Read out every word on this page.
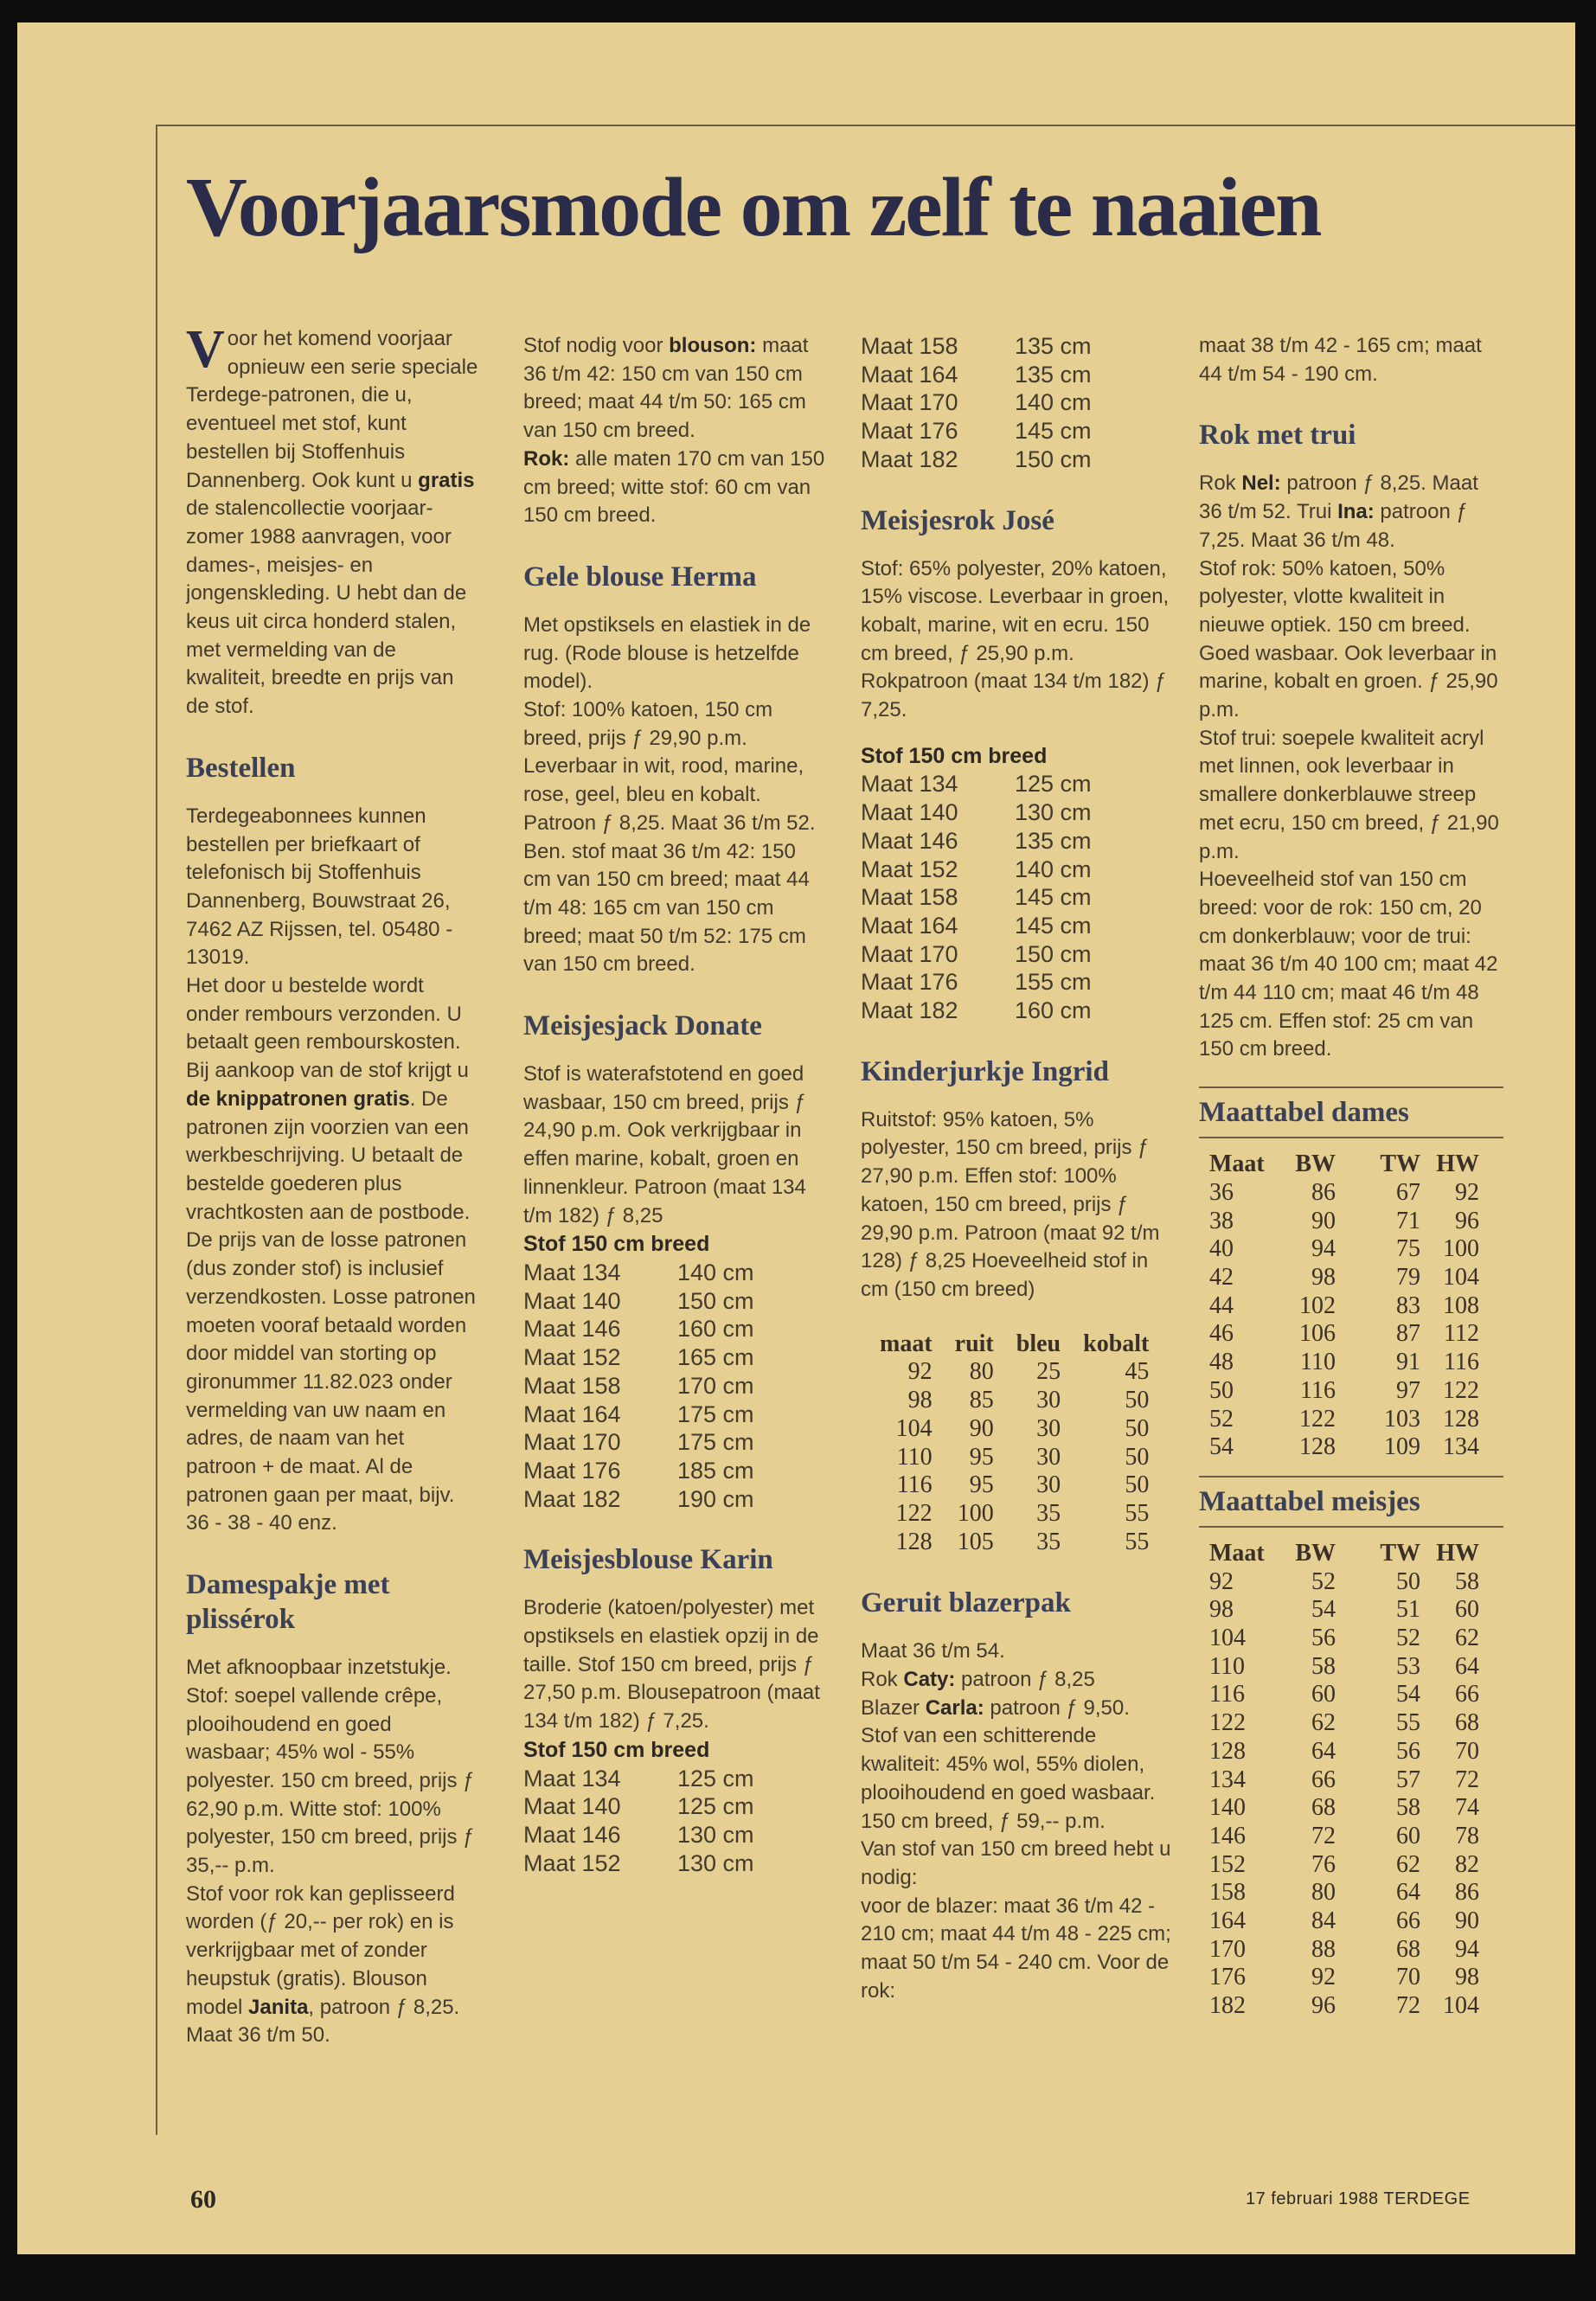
Voorjaarsmode om zelf te naaien

Voor het komend voorjaar opnieuw een serie speciale Terdege-patronen, die u, eventueel met stof, kunt bestellen bij Stoffenhuis Dannenberg. Ook kunt u gratis de stalencollectie voorjaar-zomer 1988 aanvragen, voor dames-, meisjes- en jongenskleding. U hebt dan de keus uit circa honderd stalen, met vermelding van de kwaliteit, breedte en prijs van de stof.

Bestellen

Terdegeabonnees kunnen bestellen per briefkaart of telefonisch bij Stoffenhuis Dannenberg, Bouwstraat 26, 7462 AZ Rijssen, tel. 05480 - 13019.

Het door u bestelde wordt onder rembours verzonden. U betaalt geen rembourskosten. Bij aankoop van de stof krijgt u de knippatronen gratis. De patronen zijn voorzien van een werkbeschrijving. U betaalt de bestelde goederen plus vrachtkosten aan de postbode.

De prijs van de losse patronen (dus zonder stof) is inclusief verzendkosten. Losse patronen moeten vooraf betaald worden door middel van storting op gironummer 11.82.023 onder vermelding van uw naam en adres, de naam van het patroon + de maat. Al de patronen gaan per maat, bijv. 36 - 38 - 40 enz.

Damespakje met plissérok

Met afknoopbaar inzetstukje. Stof: soepel vallende crêpe, plooihoudend en goed wasbaar; 45% wol - 55% polyester. 150 cm breed, prijs ƒ 62,90 p.m. Witte stof: 100% polyester, 150 cm breed, prijs ƒ 35,-- p.m.

Stof voor rok kan geplisseerd worden (ƒ 20,-- per rok) en is verkrijgbaar met of zonder heupstuk (gratis). Blouson model Janita, patroon ƒ 8,25. Maat 36 t/m 50.

Stof nodig voor blouson: maat 36 t/m 42: 150 cm van 150 cm breed; maat 44 t/m 50: 165 cm van 150 cm breed.

Rok: alle maten 170 cm van 150 cm breed; witte stof: 60 cm van 150 cm breed.

Gele blouse Herma

Met opstiksels en elastiek in de rug. (Rode blouse is hetzelfde model).

Stof: 100% katoen, 150 cm breed, prijs ƒ 29,90 p.m. Leverbaar in wit, rood, marine, rose, geel, bleu en kobalt. Patroon ƒ 8,25. Maat 36 t/m 52.

Ben. stof maat 36 t/m 42: 150 cm van 150 cm breed; maat 44 t/m 48: 165 cm van 150 cm breed; maat 50 t/m 52: 175 cm van 150 cm breed.

Meisjesjack Donate

Stof is waterafstotend en goed wasbaar, 150 cm breed, prijs ƒ 24,90 p.m. Ook verkrijgbaar in effen marine, kobalt, groen en linnenkleur. Patroon (maat 134 t/m 182) ƒ 8,25

Stof 150 cm breed
Maat 134 140 cm
Maat 140 150 cm
Maat 146 160 cm
Maat 152 165 cm
Maat 158 170 cm
Maat 164 175 cm
Maat 170 175 cm
Maat 176 185 cm
Maat 182 190 cm
Meisjesblouse Karin

Broderie (katoen/polyester) met opstiksels en elastiek opzij in de taille. Stof 150 cm breed, prijs ƒ 27,50 p.m. Blousepatroon (maat 134 t/m 182) ƒ 7,25.

Stof 150 cm breed
Maat 134 125 cm
Maat 140 125 cm
Maat 146 130 cm
Maat 152 130 cm
Maat 158 135 cm
Maat 164 135 cm
Maat 170 140 cm
Maat 176 145 cm
Maat 182 150 cm
Meisjesrok José

Stof: 65% polyester, 20% katoen, 15% viscose. Leverbaar in groen, kobalt, marine, wit en ecru. 150 cm breed, ƒ 25,90 p.m. Rokpatroon (maat 134 t/m 182) ƒ 7,25.

Stof 150 cm breed
Maat 134 125 cm
Maat 140 130 cm
Maat 146 135 cm
Maat 152 140 cm
Maat 158 145 cm
Maat 164 145 cm
Maat 170 150 cm
Maat 176 155 cm
Maat 182 160 cm
Kinderjurkje Ingrid

Ruitstof: 95% katoen, 5% polyester, 150 cm breed, prijs ƒ 27,90 p.m. Effen stof: 100% katoen, 150 cm breed, prijs ƒ 29,90 p.m. Patroon (maat 92 t/m 128) ƒ 8,25 Hoeveelheid stof in cm (150 cm breed)

maat	ruit	bleu	kobalt
92	80	25	45
98	85	30	50
104	90	30	50
110	95	30	50
116	95	30	50
122	100	35	55
128	105	35	55
Geruit blazerpak

Maat 36 t/m 54.

Rok Caty: patroon ƒ 8,25

Blazer Carla: patroon ƒ 9,50.

Stof van een schitterende kwaliteit: 45% wol, 55% diolen, plooihoudend en goed wasbaar. 150 cm breed, ƒ 59,-- p.m.

Van stof van 150 cm breed hebt u nodig:

voor de blazer: maat 36 t/m 42 - 210 cm; maat 44 t/m 48 - 225 cm; maat 50 t/m 54 - 240 cm. Voor de rok:

maat 38 t/m 42 - 165 cm; maat 44 t/m 54 - 190 cm.

Rok met trui

Rok Nel: patroon ƒ 8,25. Maat 36 t/m 52. Trui Ina: patroon ƒ 7,25. Maat 36 t/m 48.

Stof rok: 50% katoen, 50% polyester, vlotte kwaliteit in nieuwe optiek. 150 cm breed. Goed wasbaar. Ook leverbaar in marine, kobalt en groen. ƒ 25,90 p.m.

Stof trui: soepele kwaliteit acryl met linnen, ook leverbaar in smallere donkerblauwe streep met ecru, 150 cm breed, ƒ 21,90 p.m.

Hoeveelheid stof van 150 cm breed: voor de rok: 150 cm, 20 cm donkerblauw; voor de trui: maat 36 t/m 40 100 cm; maat 42 t/m 44 110 cm; maat 46 t/m 48 125 cm. Effen stof: 25 cm van 150 cm breed.

Maattabel dames
Maat	BW	TW	HW
36	86	67	92
38	90	71	96
40	94	75	100
42	98	79	104
44	102	83	108
46	106	87	112
48	110	91	116
50	116	97	122
52	122	103	128
54	128	109	134
Maattabel meisjes
Maat	BW	TW	HW
92	52	50	58
98	54	51	60
104	56	52	62
110	58	53	64
116	60	54	66
122	62	55	68
128	64	56	70
134	66	57	72
140	68	58	74
146	72	60	78
152	76	62	82
158	80	64	86
164	84	66	90
170	88	68	94
176	92	70	98
182	96	72	104
60	17 februari 1988 TERDEGE
